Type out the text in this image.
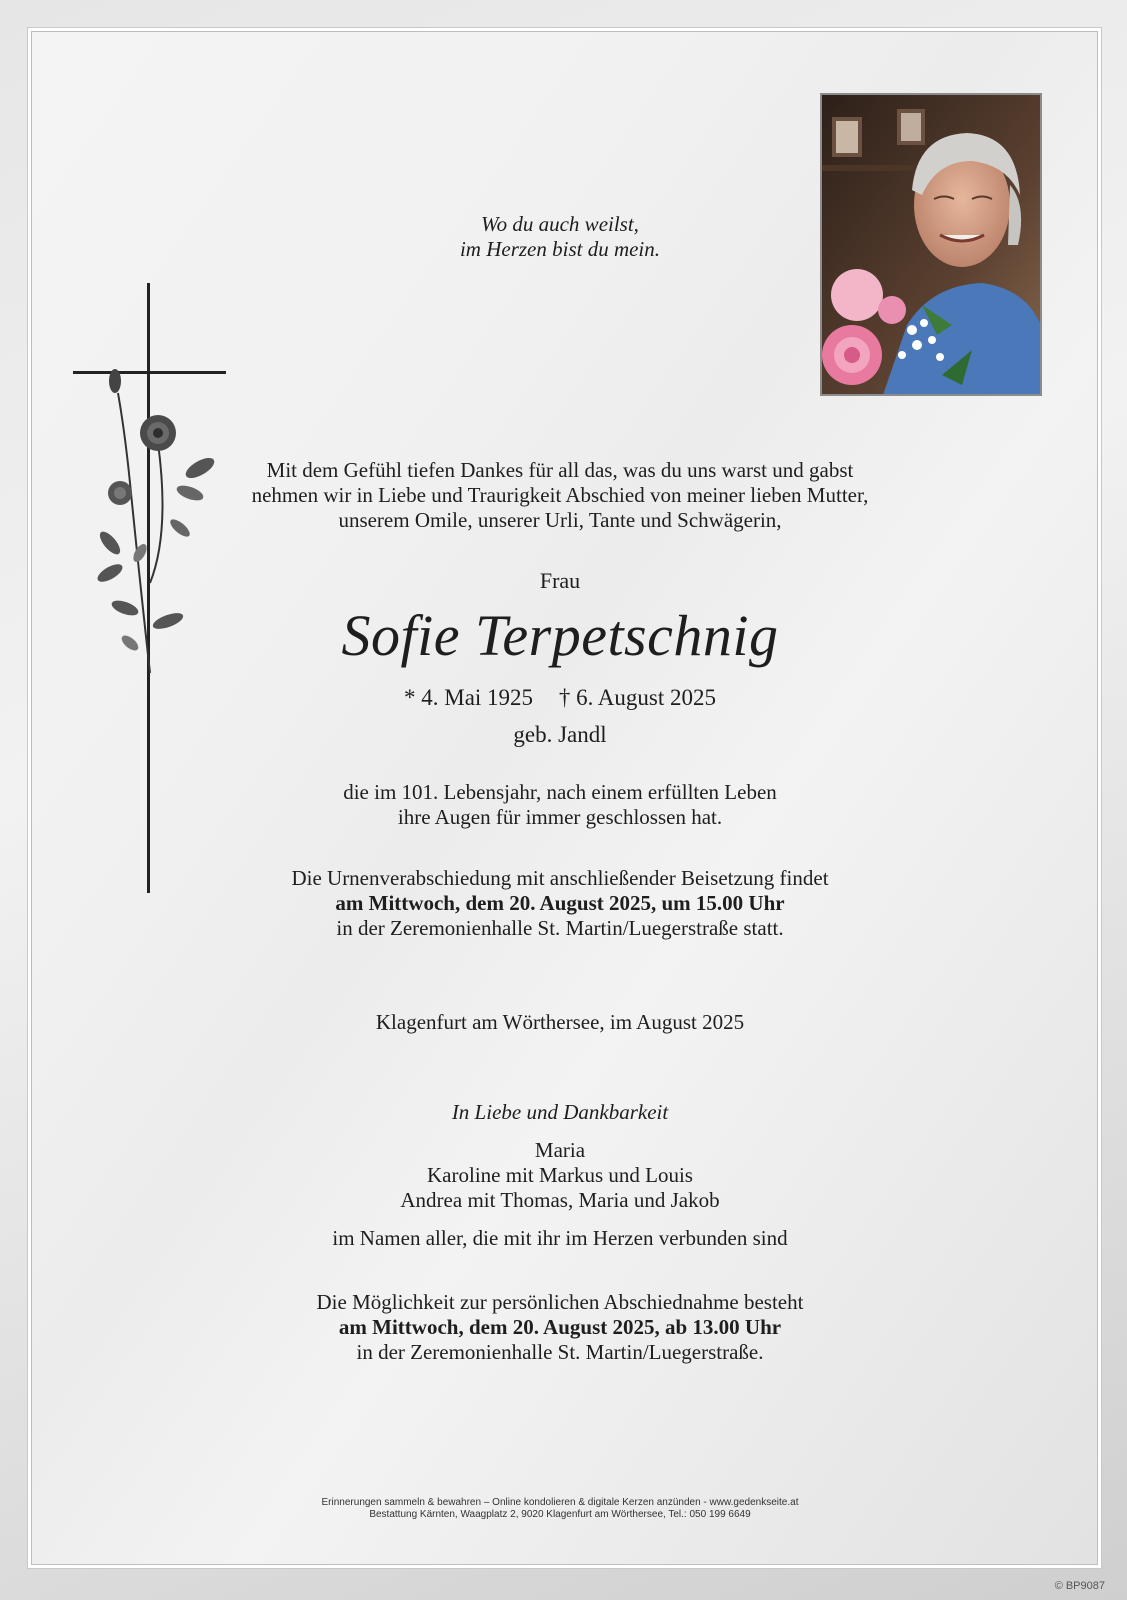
Wo du auch weilst,
im Herzen bist du mein.
Mit dem Gefühl tiefen Dankes für all das, was du uns warst und gabst
nehmen wir in Liebe und Traurigkeit Abschied von meiner lieben Mutter,
unserem Omile, unserer Urli, Tante und Schwägerin,
Frau
Sofie Terpetschnig
* 4. Mai 1925 † 6. August 2025
geb. Jandl
die im 101. Lebensjahr, nach einem erfüllten Leben
ihre Augen für immer geschlossen hat.
Die Urnenverabschiedung mit anschließender Beisetzung findet
am Mittwoch, dem 20. August 2025, um 15.00 Uhr
in der Zeremonienhalle St. Martin/Luegerstraße statt.
Klagenfurt am Wörthersee, im August 2025
In Liebe und Dankbarkeit
Maria
Karoline mit Markus und Louis
Andrea mit Thomas, Maria und Jakob
im Namen aller, die mit ihr im Herzen verbunden sind
Die Möglichkeit zur persönlichen Abschiednahme besteht
am Mittwoch, dem 20. August 2025, ab 13.00 Uhr
in der Zeremonienhalle St. Martin/Luegerstraße.
Erinnerungen sammeln & bewahren – Online kondolieren & digitale Kerzen anzünden - www.gedenkseite.at
Bestattung Kärnten, Waagplatz 2, 9020 Klagenfurt am Wörthersee, Tel.: 050 199 6649
© BP9087
